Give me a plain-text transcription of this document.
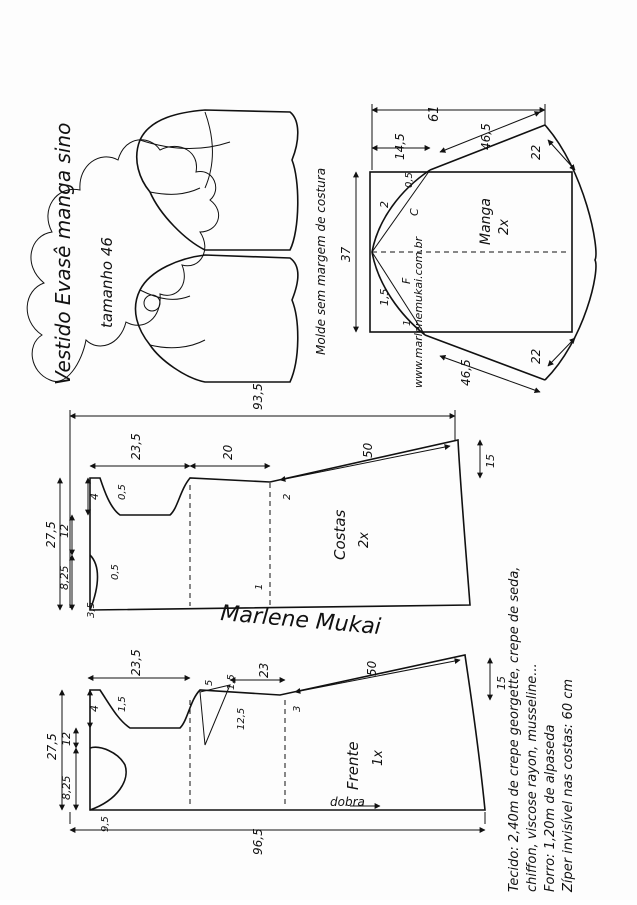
Vestido Evasê manga sino tamanho 46	Molde sem margem de costura	www.marlenemukai.com.br
Manga 2x
61
14,5	46,5
46,5
22
22
37
2
1,5
0,5
1
C
F
Costas 2x
93,5
23,5	20	50
15
27,5
8,25
12
4 0,5
0,5
2
1
3,5	Marlene Mukai
Frente 1x
dobra
96,5
23,5	23	50
15
27,5
8,25
12
4 1,5
5 1,5
12,5	3
9,5	Tecido: 2,40m de crepe georgette, crepe de seda, chiffon, viscose rayon, musseline... Forro: 1,20m de alpaseda Zíper invisível nas costas: 60 cm
